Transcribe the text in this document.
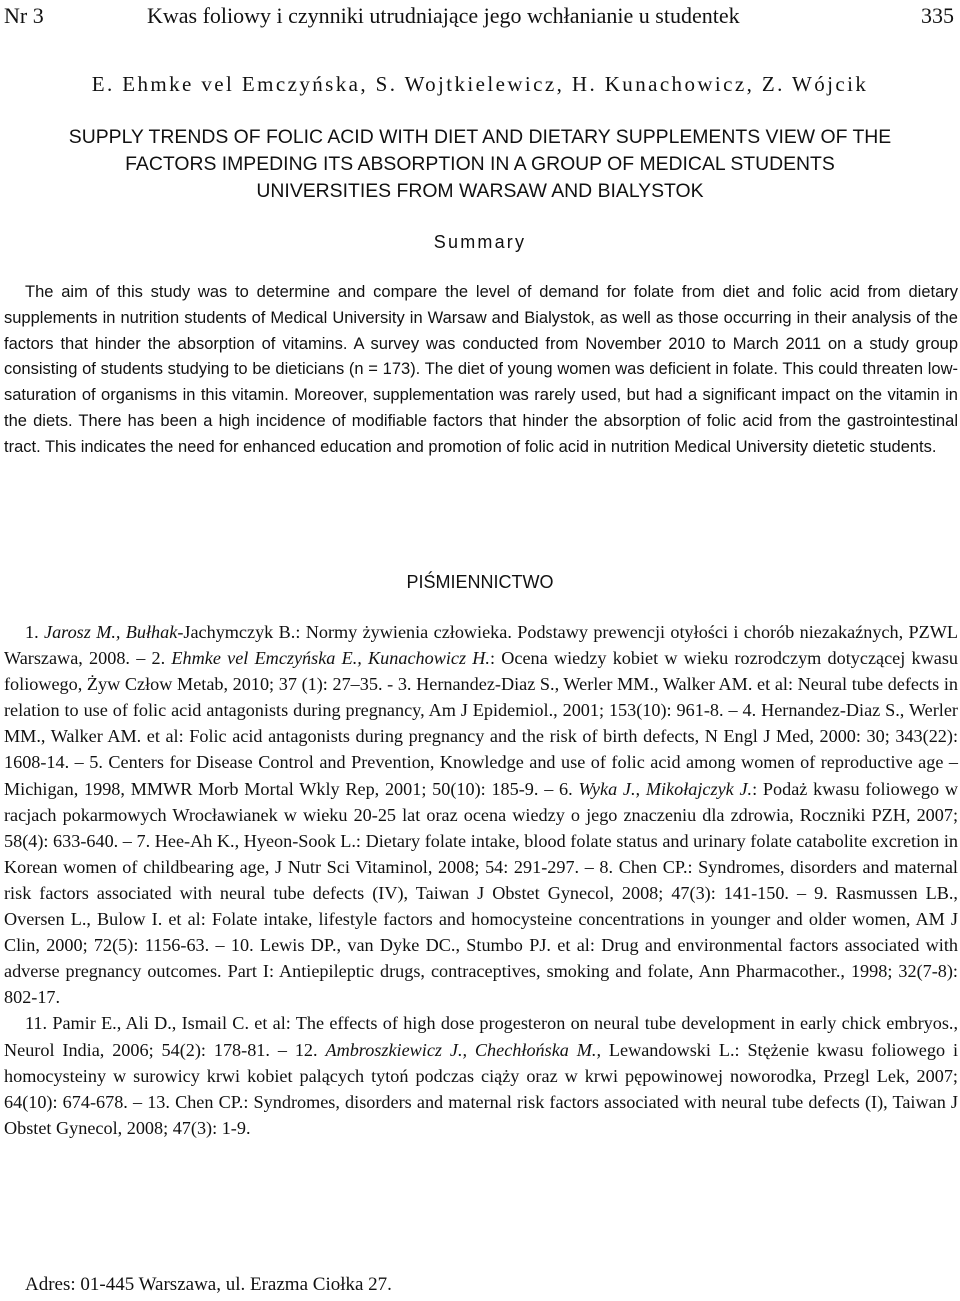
Nr 3	Kwas foliowy i czynniki utrudniające jego wchłanianie u studentek	335
E. Ehmke vel Emczyńska, S. Wojtkielewicz, H. Kunachowicz, Z. Wójcik
SUPPLY TRENDS OF FOLIC ACID WITH DIET AND DIETARY SUPPLEMENTS VIEW OF THE
FACTORS IMPEDING ITS ABSORPTION IN A GROUP OF MEDICAL STUDENTS
UNIVERSITIES FROM WARSAW AND BIALYSTOK
Summary
The aim of this study was to determine and compare the level of demand for folate from diet and folic acid from dietary supplements in nutrition students of Medical University in Warsaw and Bialystok, as well as those occurring in their analysis of the factors that hinder the absorption of vitamins. A survey was conducted from November 2010 to March 2011 on a study group consisting of students studying to be dieticians (n = 173). The diet of young women was deficient in folate. This could threaten low-saturation of organisms in this vitamin. Moreover, supplementation was rarely used, but had a significant impact on the vitamin in the diets. There has been a high incidence of modifiable factors that hinder the absorption of folic acid from the gastrointestinal tract. This indicates the need for enhanced education and promotion of folic acid in nutrition Medical University dietetic students.
PIŚMIENNICTWO

1. Jarosz M., Bułhak-Jachymczyk B.: Normy żywienia człowieka. Podstawy prewencji otyłości i chorób niezakaźnych, PZWL Warszawa, 2008. – 2. Ehmke vel Emczyńska E., Kunachowicz H.: Ocena wiedzy kobiet w wieku rozrodczym dotyczącej kwasu foliowego, Żyw Człow Metab, 2010; 37 (1): 27–35. - 3. Hernandez-Diaz S., Werler MM., Walker AM. et al: Neural tube defects in relation to use of folic acid antagonists during pregnancy, Am J Epidemiol., 2001; 153(10): 961-8. – 4. Hernandez-Diaz S., Werler MM., Walker AM. et al: Folic acid antagonists during pregnancy and the risk of birth defects, N Engl J Med, 2000: 30; 343(22): 1608-14. – 5. Centers for Disease Control and Prevention, Knowledge and use of folic acid among women of reproductive age – Michigan, 1998, MMWR Morb Mortal Wkly Rep, 2001; 50(10): 185-9. – 6. Wyka J., Mikołajczyk J.: Podaż kwasu foliowego w racjach pokarmowych Wrocławianek w wieku 20-25 lat oraz ocena wiedzy o jego znaczeniu dla zdrowia, Roczniki PZH, 2007; 58(4): 633-640. – 7. Hee-Ah K., Hyeon-Sook L.: Dietary folate intake, blood folate status and urinary folate catabolite excretion in Korean women of childbearing age, J Nutr Sci Vitaminol, 2008; 54: 291-297. – 8. Chen CP.: Syndromes, disorders and maternal risk factors associated with neural tube defects (IV), Taiwan J Obstet Gynecol, 2008; 47(3): 141-150. – 9. Rasmussen LB., Oversen L., Bulow I. et al: Folate intake, lifestyle factors and homocysteine concentrations in younger and older women, AM J Clin, 2000; 72(5): 1156-63. – 10. Lewis DP., van Dyke DC., Stumbo PJ. et al: Drug and environmental factors associated with adverse pregnancy outcomes. Part I: Antiepileptic drugs, contraceptives, smoking and folate, Ann Pharmacother., 1998; 32(7-8): 802-17.

11. Pamir E., Ali D., Ismail C. et al: The effects of high dose progesteron on neural tube development in early chick embryos., Neurol India, 2006; 54(2): 178-81. – 12. Ambroszkiewicz J., Chechłońska M., Lewandowski L.: Stężenie kwasu foliowego i homocysteiny w surowicy krwi kobiet palących tytoń podczas ciąży oraz w krwi pępowinowej noworodka, Przegl Lek, 2007; 64(10): 674-678. – 13. Chen CP.: Syndromes, disorders and maternal risk factors associated with neural tube defects (I), Taiwan J Obstet Gynecol, 2008; 47(3): 1-9.

Adres: 01-445 Warszawa, ul. Erazma Ciołka 27.
